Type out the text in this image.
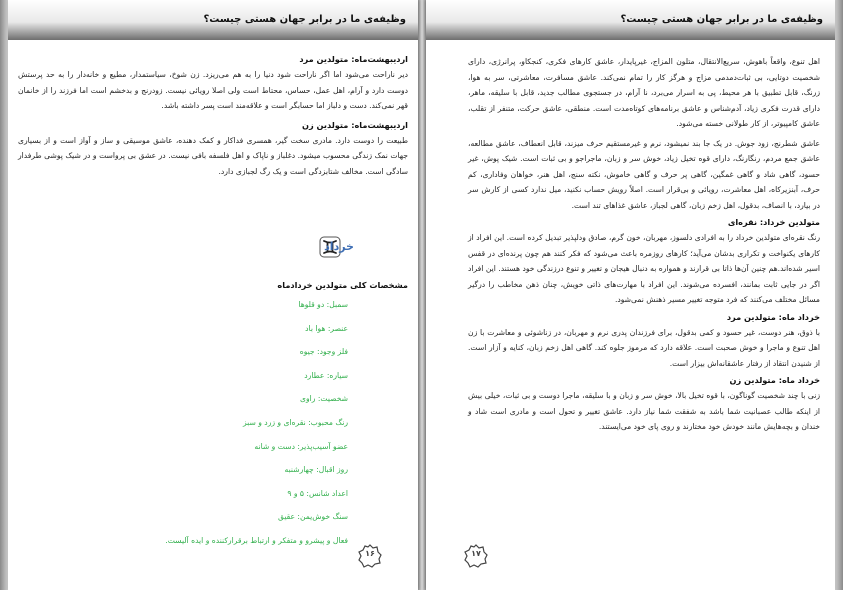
وظیفه‌ی ما در برابر جهان هستی چیست؟
اردیبهشت‌ماه: متولدین مرد

دیر ناراحت می‌شود اما اگر ناراحت شود دنیا را به هم می‌ریزد. زن شوخ، سیاستمدار، مطیع و خانه‌دار را به حد پرستش دوست دارد و آرام، اهل عمل، حساس، محتاط است ولی اصلا رویائی نیست. زودرنج و بدخشم است اما فرزند را از خانمان قهر نمی‌کند. دست و دلباز اما حسابگر است و علاقه‌مند است پسر داشته باشد.

اردیبهشت‌ماه: متولدین زن

طبیعت را دوست دارد. مادری سخت گیر، همسری فداکار و کمک دهنده، عاشق موسیقی و ساز و آواز است و از بسیاری جهات نمک زندگی محسوب میشود. دغلباز و ناپاک و اهل فلسفه بافی نیست. در عشق بی پروا‌ست و در شیک پوشی طرفدار سادگی است. مخالف شتابزدگی است و یک رگ لجبازی دارد.

خرداد
مشخصات کلی متولدین خردادماه
سمبل: دو قلوها
عنصر: هوا باد
فلز وجود: جیوه
سیاره: عطارد
شخصیت: راوی
رنگ محبوب: نقره‌ای و زرد و سبز
عضو آسیب‌پذیر: دست و شانه
روز اقبال: چهارشنبه
اعداد شانس: ۵ و ۹
سنگ خوش‌یمن: عقیق
فعال و پیشرو و متفکر و ارتباط برقرارکننده و ایده آلیست.
۱۶
وظیفه‌ی ما در برابر جهان هستی چیست؟

اهل تنوع، واقعاً باهوش، سریع‌الانتقال، متلون المزاج، غیرپایدار، عاشق کارهای فکری، کنجکاو، پرانرژی، دارای شخصیت دوتایی، بی ثبات‌دمدمی مزاج و هرگز کار را تمام نمی‌کند. عاشق مسافرت، معاشرتی، سر به هوا، زرنگ، قابل تطبیق با هر محیط، پی به اسرار می‌برد، نا آرام، در جستجوی مطالب جدید، قابل با سلیقه، ماهر، دارای قدرت فکری زیاد، آدم‌شناس و عاشق برنامه‌های کوتاه‌مدت است. منطقی، عاشق حرکت، متنفر از تقلب، عاشق کامپیوتر، از کار طولانی خسته می‌شود.

عاشق شطرنج، زود جوش. در یک جا بند نمیشود، نرم و غیرمستقیم حرف میزند، قابل انعطاف، عاشق مطالعه، عاشق جمع مردم، رنگارنگ، دارای قوه تخیل زیاد، خوش سر و زبان، ماجراجو و بی ثبات است. شیک پوش، غیر حسود، گاهی شاد و گاهی غمگین، گاهی پر حرف و گاهی خاموش، نکته سنج، اهل هنر، خواهان وفاداری، کم حرف، آبنزیرکاه، اهل معاشرت، رویائی و بی‌قرار است. اصلاً رویش حساب نکنید، میل ندارد کسی از کارش سر در بیارد، با انصاف، بدقول، اهل زخم زبان، گاهی لجباز، عاشق غذاهای تند است.

متولدین خرداد: نقره‌ای

رنگ نقره‌ای متولدین خرداد را به افرادی دلسوز، مهربان، خون گرم، صادق ودلپذیر تبدیل کرده است. این افراد از کارهای یکنواخت و تکراری بدشان می‌آید؛ کارهای روزمره باعث می‌شود که فکر کنند هم چون پرنده‌ای در قفس اسیر شده‌اند.هم چنین آن‌ها ذاتا بی قرارند و همواره به دنبال هیجان و تغییر و تنوع درزندگی خود هستند. این افراد اگر در جایی ثابت بمانند، افسرده می‌شوند. این افراد با مهارت‌های ذاتی خویش، چنان ذهن مخاطب را درگیر مسائل مختلف می‌کنند که فرد متوجه تغییر مسیر ذهنش نمی‌شود.

خرداد ماه: متولدین مرد

با ذوق، هنر دوست، غیر حسود و کمی بدقول، برای فرزندان پدری نرم و مهربان، در زناشوئی و معاشرت با زن اهل تنوع و ماجرا و خوش صحبت است. علاقه دارد که مرموز جلوه کند. گاهی اهل زخم زبان، کنایه و آزار است. از شنیدن انتقاد از رفتار عاشقانه‌اش بیزار است.

خرداد ماه: متولدین زن

زنی با چند شخصیت گوناگون، با قوه تخیل بالا، خوش سر و زبان و با سلیقه، ماجرا دوست و بی ثبات، خیلی بیش از اینکه طالب عصبانیت شما باشد به شفقت شما نیاز دارد. عاشق تغییر و تحول است و مادری است شاد و خندان و بچه‌هایش مانند خودش خود مختارند و روی پای خود می‌ایستند.

۱۷
